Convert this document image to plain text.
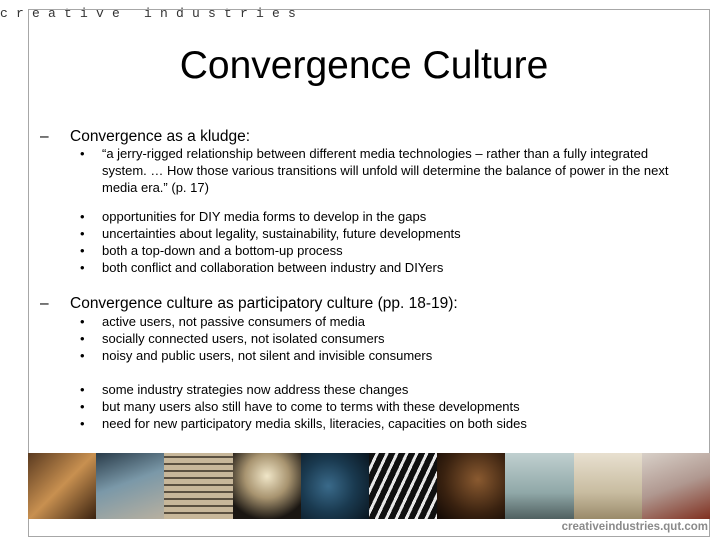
creative industries
Convergence Culture
– Convergence as a kludge:
• “a jerry-rigged relationship between different media technologies – rather than a fully integrated system. … How those various transitions will unfold will determine the balance of power in the next media era.” (p. 17)
• opportunities for DIY media forms to develop in the gaps
• uncertainties about legality, sustainability, future developments
• both a top-down and a bottom-up process
• both conflict and collaboration between industry and DIYers
– Convergence culture as participatory culture (pp. 18-19):
• active users, not passive consumers of media
• socially connected users, not isolated consumers
• noisy and public users, not silent and invisible consumers
• some industry strategies now address these changes
• but many users also still have to come to terms with these developments
• need for new participatory media skills, literacies, capacities on both sides
creativeindustries.qut.com
